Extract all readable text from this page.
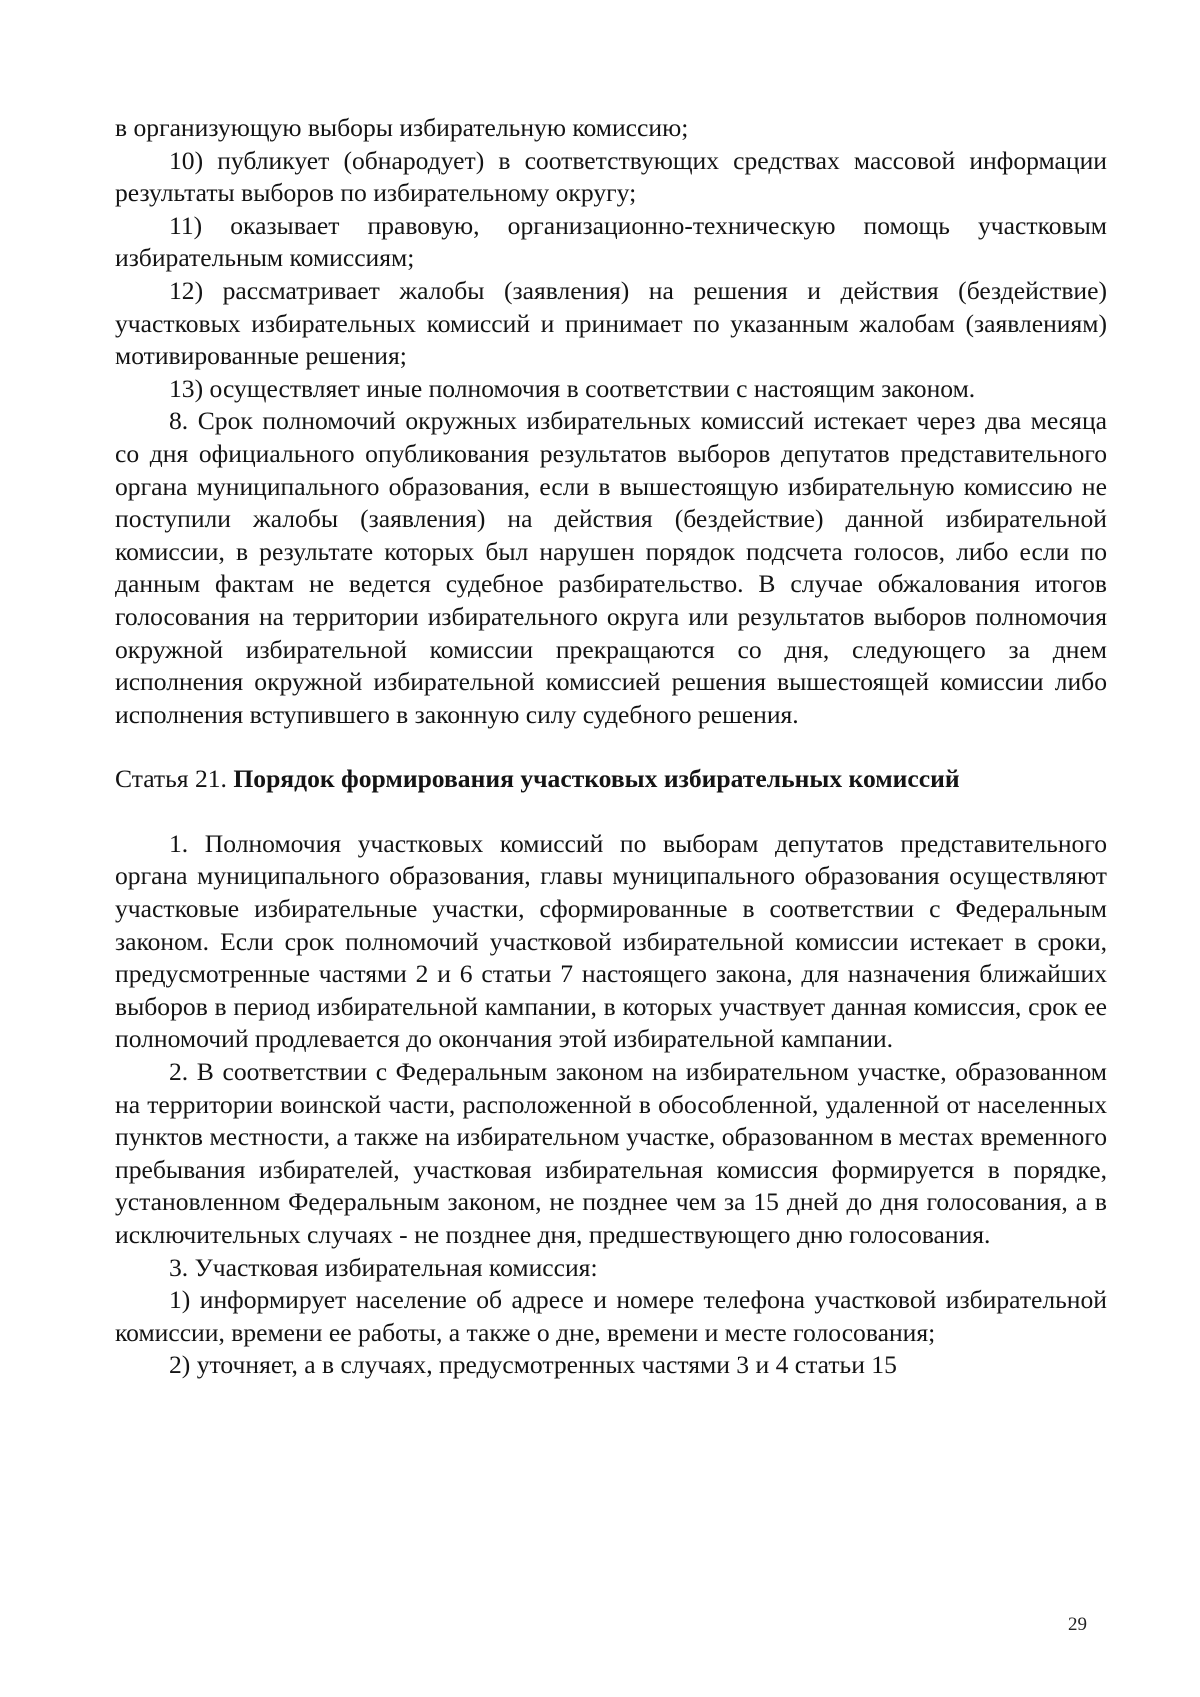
в организующую выборы избирательную комиссию;

10) публикует (обнародует) в соответствующих средствах массовой информации результаты выборов по избирательному округу;

11) оказывает правовую, организационно-техническую помощь участковым избирательным комиссиям;

12) рассматривает жалобы (заявления) на решения и действия (бездействие) участковых избирательных комиссий и принимает по указанным жалобам (заявлениям) мотивированные решения;

13) осуществляет иные полномочия в соответствии с настоящим законом.

8. Срок полномочий окружных избирательных комиссий истекает через два месяца со дня официального опубликования результатов выборов депутатов представительного органа муниципального образования, если в вышестоящую избирательную комиссию не поступили жалобы (заявления) на действия (бездействие) данной избирательной комиссии, в результате которых был нарушен порядок подсчета голосов, либо если по данным фактам не ведется судебное разбирательство. В случае обжалования итогов голосования на территории избирательного округа или результатов выборов полномочия окружной избирательной комиссии прекращаются со дня, следующего за днем исполнения окружной избирательной комиссией решения вышестоящей комиссии либо исполнения вступившего в законную силу судебного решения.

Статья 21. Порядок формирования участковых избирательных комиссий

1. Полномочия участковых комиссий по выборам депутатов представительного органа муниципального образования, главы муниципального образования осуществляют участковые избирательные участки, сформированные в соответствии с Федеральным законом. Если срок полномочий участковой избирательной комиссии истекает в сроки, предусмотренные частями 2 и 6 статьи 7 настоящего закона, для назначения ближайших выборов в период избирательной кампании, в которых участвует данная комиссия, срок ее полномочий продлевается до окончания этой избирательной кампании.

2. В соответствии с Федеральным законом на избирательном участке, образованном на территории воинской части, расположенной в обособленной, удаленной от населенных пунктов местности, а также на избирательном участке, образованном в местах временного пребывания избирателей, участковая избирательная комиссия формируется в порядке, установленном Федеральным законом, не позднее чем за 15 дней до дня голосования, а в исключительных случаях - не позднее дня, предшествующего дню голосования.

3. Участковая избирательная комиссия:

1) информирует население об адресе и номере телефона участковой избирательной комиссии, времени ее работы, а также о дне, времени и месте голосования;

2) уточняет, а в случаях, предусмотренных частями 3 и 4 статьи 15

29
